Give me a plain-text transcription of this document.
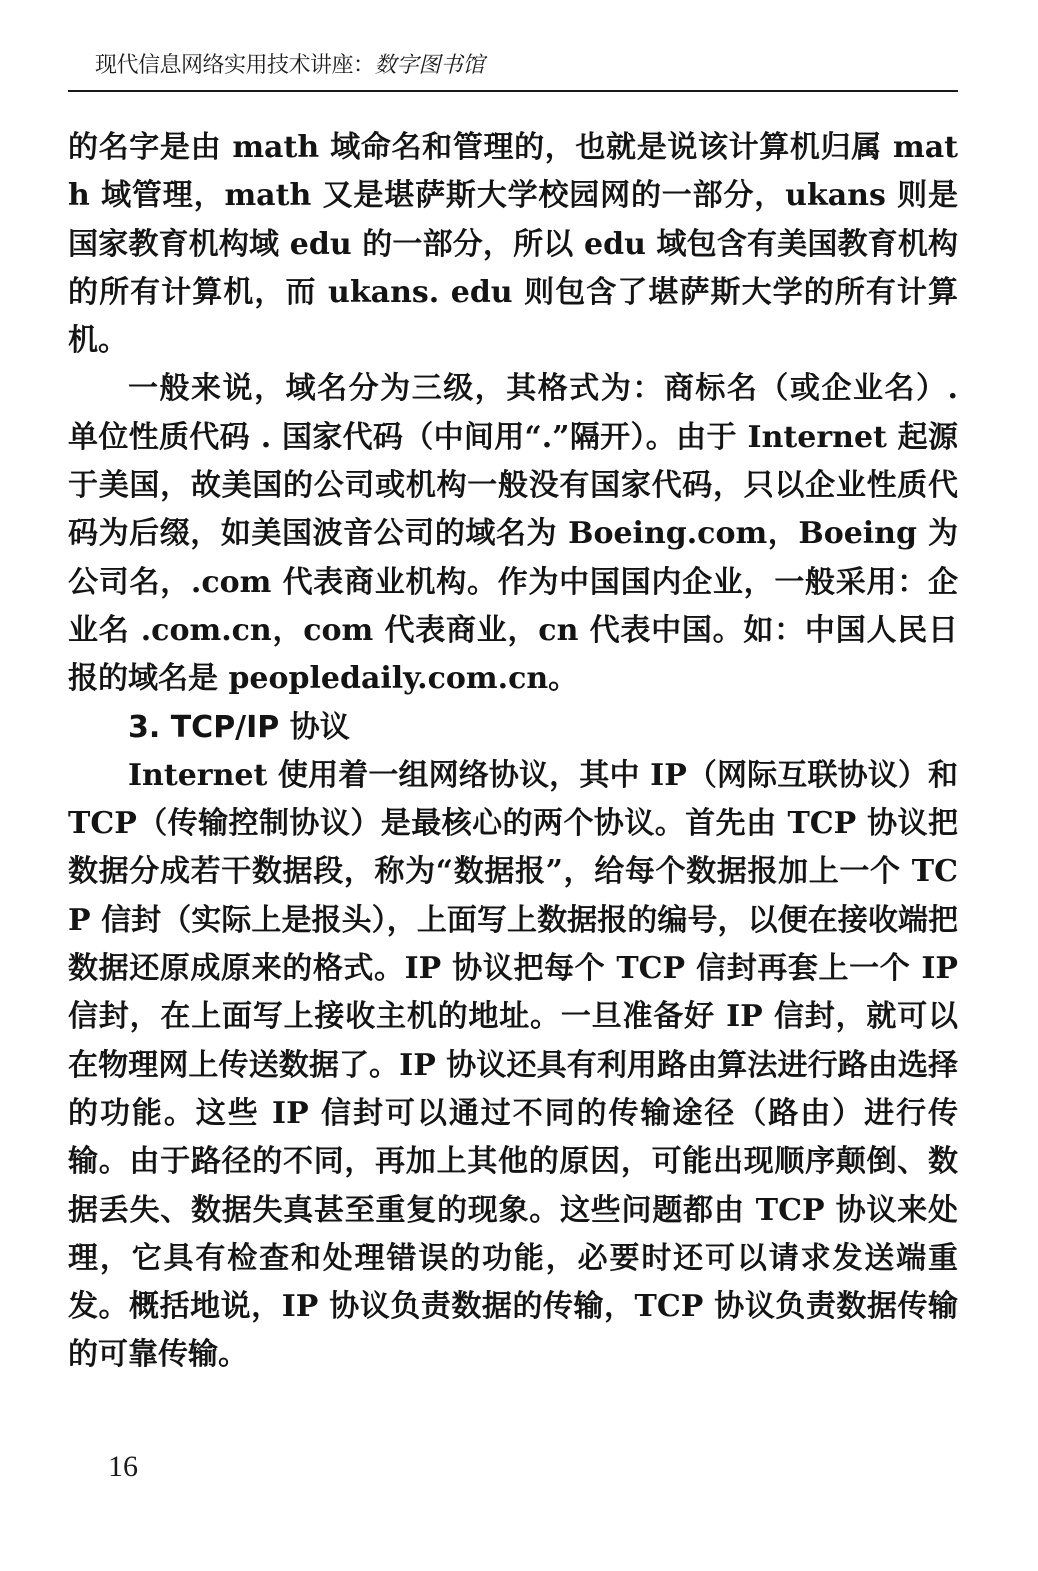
现代信息网络实用技术讲座：数字图书馆

的名字是由 math 域命名和管理的，也就是说该计算机归属 math 域管理，math 又是堪萨斯大学校园网的一部分，ukans 则是国家教育机构域 edu 的一部分，所以 edu 域包含有美国教育机构的所有计算机，而 ukans. edu 则包含了堪萨斯大学的所有计算机。

一般来说，域名分为三级，其格式为：商标名（或企业名）. 单位性质代码 . 国家代码（中间用“.”隔开）。由于 Internet 起源于美国，故美国的公司或机构一般没有国家代码，只以企业性质代码为后缀，如美国波音公司的域名为 Boeing.com，Boeing 为公司名，.com 代表商业机构。作为中国国内企业，一般采用：企业名 .com.cn，com 代表商业，cn 代表中国。如：中国人民日报的域名是 peopledaily.com.cn。

3. TCP/IP 协议

Internet 使用着一组网络协议，其中 IP（网际互联协议）和 TCP（传输控制协议）是最核心的两个协议。首先由 TCP 协议把数据分成若干数据段，称为“数据报”，给每个数据报加上一个 TCP 信封（实际上是报头），上面写上数据报的编号，以便在接收端把数据还原成原来的格式。IP 协议把每个 TCP 信封再套上一个 IP 信封，在上面写上接收主机的地址。一旦准备好 IP 信封，就可以在物理网上传送数据了。IP 协议还具有利用路由算法进行路由选择的功能。这些 IP 信封可以通过不同的传输途径（路由）进行传输。由于路径的不同，再加上其他的原因，可能出现顺序颠倒、数据丢失、数据失真甚至重复的现象。这些问题都由 TCP 协议来处理，它具有检查和处理错误的功能，必要时还可以请求发送端重发。概括地说，IP 协议负责数据的传输，TCP 协议负责数据传输的可靠传输。

16
